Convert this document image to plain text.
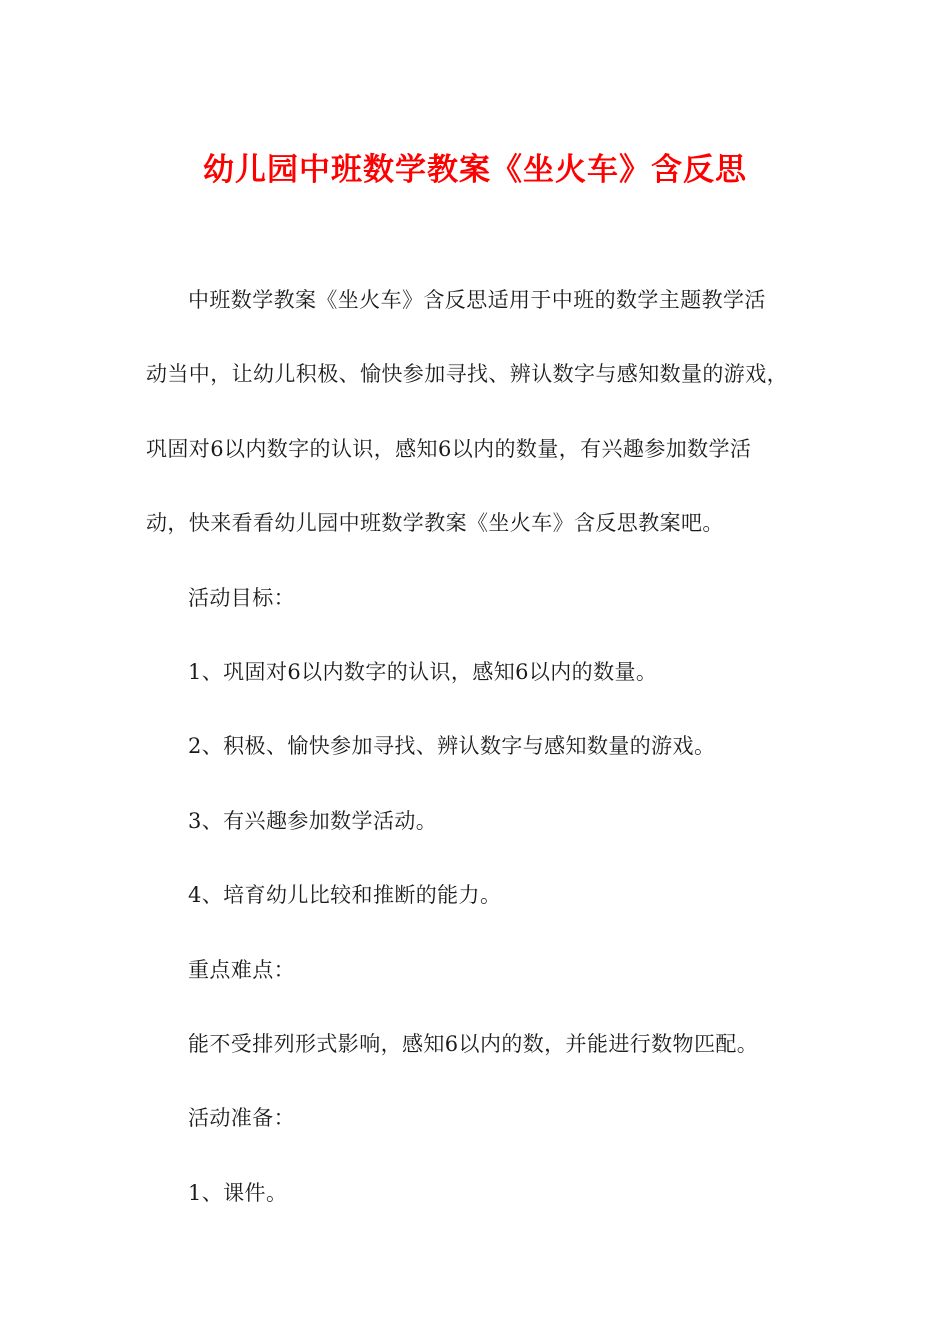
幼儿园中班数学教案《坐火车》含反思

中班数学教案《坐火车》含反思适用于中班的数学主题教学活
动当中，让幼儿积极、愉快参加寻找、辨认数字与感知数量的游戏，
巩固对6以内数字的认识，感知6以内的数量，有兴趣参加数学活
动，快来看看幼儿园中班数学教案《坐火车》含反思教案吧。

活动目标：

1、巩固对6以内数字的认识，感知6以内的数量。

2、积极、愉快参加寻找、辨认数字与感知数量的游戏。

3、有兴趣参加数学活动。

4、培育幼儿比较和推断的能力。

重点难点：

能不受排列形式影响，感知6以内的数，并能进行数物匹配。

活动准备：

1、课件。
